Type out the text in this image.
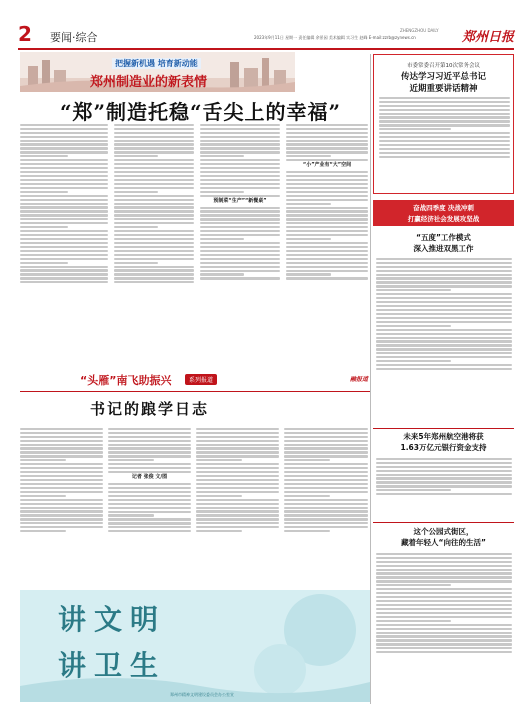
2 要闻·综合	2023年9月11日 星期一 责任编辑 余景园 美术编辑 实习生 赵峰 E-mail:zzrb@zynews.cn
ZHENGZHOU DAILY 郑州日报
把握新机遇 培育新动能
郑州制造业的新表情
“郑”制造托稳“舌尖上的幸福”
预制菜“生产”“新餐桌”
“小”产业有“大”空间
市委常委召开第10次常务会议
传达学习习近平总书记
近期重要讲话精神
奋战四季度 决战冲刺
打赢经济社会发展攻坚战
“五度”工作模式
深入推进双黑工作
未来5年郑州航空港将获
1.63万亿元银行资金支持
这个公园式街区，
藏着年轻人“向往的生活”
“头雁”南飞助振兴	系列报道	融报道
书记的踉学日志
记者 张俊 文/图
讲文明
讲卫生
郑州市精神文明建设委员会办公室宣
